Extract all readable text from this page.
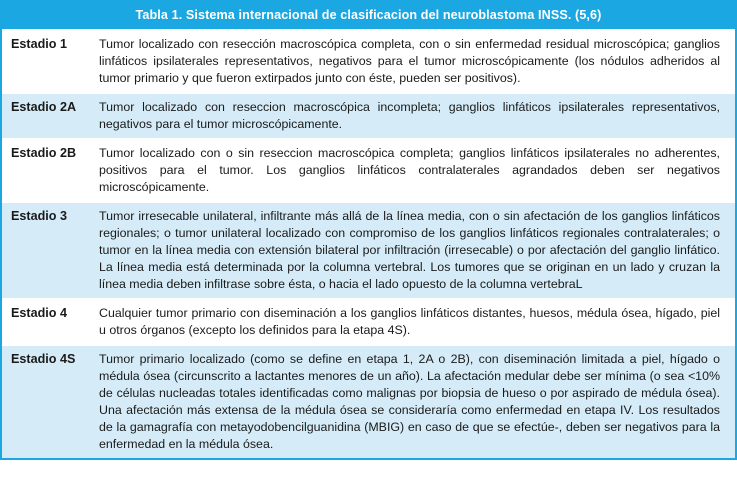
Tabla 1. Sistema internacional de clasificacion del neuroblastoma INSS. (5,6)
Estadio 1	Tumor localizado con resección macroscópica completa, con o sin enfermedad residual microscópica; ganglios linfáticos ipsilaterales representativos, negativos para el tumor microscópicamente (los nódulos adheridos al tumor primario y que fueron extirpados junto con éste, pueden ser positivos).
Estadio 2A	Tumor localizado con reseccion macroscópica incompleta; ganglios linfáticos ipsilaterales representativos, negativos para el tumor microscópicamente.
Estadio 2B	Tumor localizado con o sin reseccion macroscópica completa; ganglios linfáticos ipsilaterales no adherentes, positivos para el tumor. Los ganglios linfáticos contralaterales agrandados deben ser negativos microscópicamente.
Estadio 3	Tumor irresecable unilateral, infiltrante más allá de la línea media, con o sin afectación de los ganglios linfáticos regionales; o tumor unilateral localizado con compromiso de los ganglios linfáticos regionales contralaterales; o tumor en la línea media con extensión bilateral por infiltración (irresecable) o por afectación del ganglio linfático. La línea media está determinada por la columna vertebral. Los tumores que se originan en un lado y cruzan la línea media deben infiltrase sobre ésta, o hacia el lado opuesto de la columna vertebraL
Estadio 4	Cualquier tumor primario con diseminación a los ganglios linfáticos distantes, huesos, médula ósea, hígado, piel u otros órganos (excepto los definidos para la etapa 4S).
Estadio 4S	Tumor primario localizado (como se define en etapa 1, 2A o 2B), con diseminación limitada a piel, hígado o médula ósea (circunscrito a lactantes menores de un año). La afectación medular debe ser mínima (o sea <10% de células nucleadas totales identificadas como malignas por biopsia de hueso o por aspirado de médula ósea). Una afectación más extensa de la médula ósea se consideraría como enfermedad en etapa IV. Los resultados de la gamagrafía con metayodobencilguanidina (MBIG) en caso de que se efectúe-, deben ser negativos para la enfermedad en la médula ósea.
